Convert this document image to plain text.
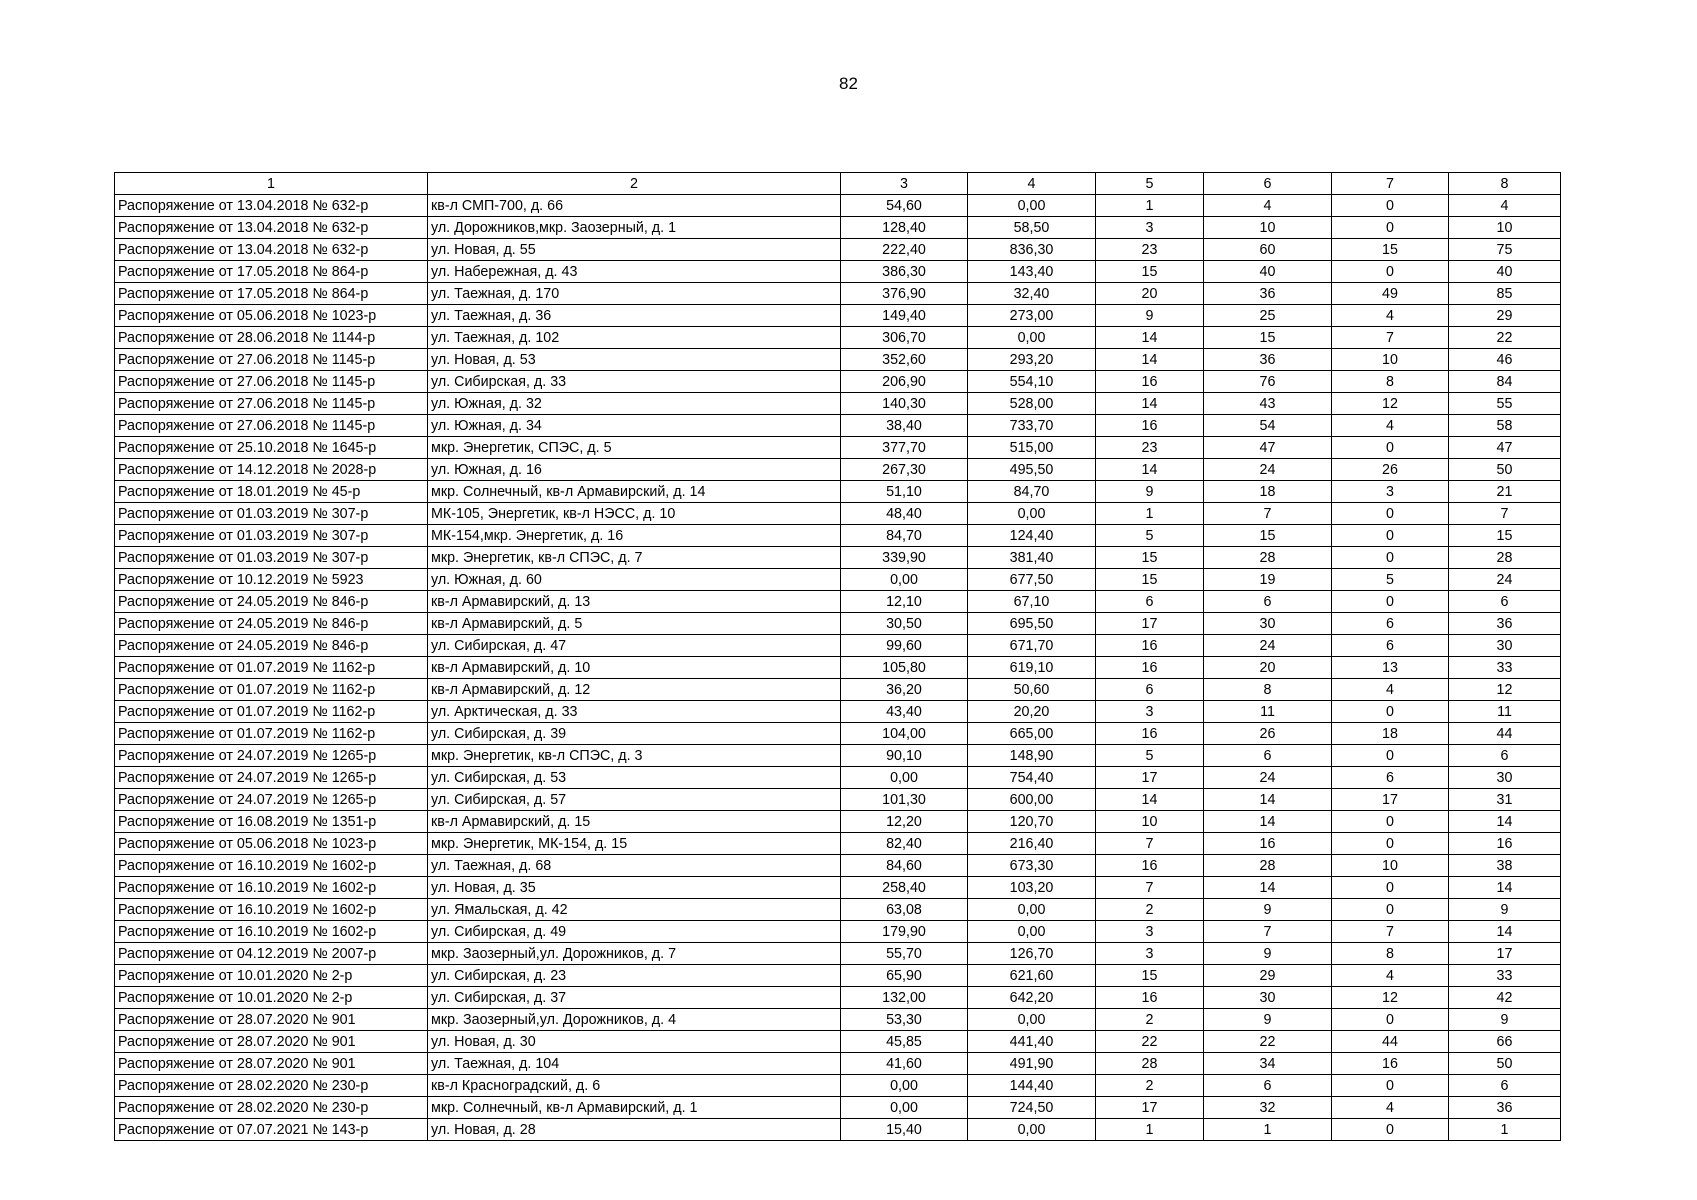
82
1	2	3	4	5	6	7	8
Распоряжение от 13.04.2018 № 632-р	кв-л СМП-700, д. 66	54,60	0,00	1	4	0	4
Распоряжение от 13.04.2018 № 632-р	ул. Дорожников,мкр. Заозерный, д. 1	128,40	58,50	3	10	0	10
Распоряжение от 13.04.2018 № 632-р	ул. Новая, д. 55	222,40	836,30	23	60	15	75
Распоряжение от 17.05.2018 № 864-р	ул. Набережная, д. 43	386,30	143,40	15	40	0	40
Распоряжение от 17.05.2018 № 864-р	ул. Таежная, д. 170	376,90	32,40	20	36	49	85
Распоряжение от 05.06.2018 № 1023-р	ул. Таежная, д. 36	149,40	273,00	9	25	4	29
Распоряжение от 28.06.2018 № 1144-р	ул. Таежная, д. 102	306,70	0,00	14	15	7	22
Распоряжение от 27.06.2018 № 1145-р	ул. Новая, д. 53	352,60	293,20	14	36	10	46
Распоряжение от 27.06.2018 № 1145-р	ул. Сибирская, д. 33	206,90	554,10	16	76	8	84
Распоряжение от 27.06.2018 № 1145-р	ул. Южная, д. 32	140,30	528,00	14	43	12	55
Распоряжение от 27.06.2018 № 1145-р	ул. Южная, д. 34	38,40	733,70	16	54	4	58
Распоряжение от 25.10.2018 № 1645-р	мкр. Энергетик, СПЭС, д. 5	377,70	515,00	23	47	0	47
Распоряжение от 14.12.2018 № 2028-р	ул. Южная, д. 16	267,30	495,50	14	24	26	50
Распоряжение от 18.01.2019 № 45-р	мкр. Солнечный, кв-л Армавирский, д. 14	51,10	84,70	9	18	3	21
Распоряжение от 01.03.2019 № 307-р	МК-105, Энергетик, кв-л НЭСС, д. 10	48,40	0,00	1	7	0	7
Распоряжение от 01.03.2019 № 307-р	МК-154,мкр. Энергетик, д. 16	84,70	124,40	5	15	0	15
Распоряжение от 01.03.2019 № 307-р	мкр. Энергетик, кв-л СПЭС, д. 7	339,90	381,40	15	28	0	28
Распоряжение от 10.12.2019 № 5923	ул. Южная, д. 60	0,00	677,50	15	19	5	24
Распоряжение от 24.05.2019 № 846-р	кв-л Армавирский, д. 13	12,10	67,10	6	6	0	6
Распоряжение от 24.05.2019 № 846-р	кв-л Армавирский, д. 5	30,50	695,50	17	30	6	36
Распоряжение от 24.05.2019 № 846-р	ул. Сибирская, д. 47	99,60	671,70	16	24	6	30
Распоряжение от 01.07.2019 № 1162-р	кв-л Армавирский, д. 10	105,80	619,10	16	20	13	33
Распоряжение от 01.07.2019 № 1162-р	кв-л Армавирский, д. 12	36,20	50,60	6	8	4	12
Распоряжение от 01.07.2019 № 1162-р	ул. Арктическая, д. 33	43,40	20,20	3	11	0	11
Распоряжение от 01.07.2019 № 1162-р	ул. Сибирская, д. 39	104,00	665,00	16	26	18	44
Распоряжение от 24.07.2019 № 1265-р	мкр. Энергетик, кв-л СПЭС, д. 3	90,10	148,90	5	6	0	6
Распоряжение от 24.07.2019 № 1265-р	ул. Сибирская, д. 53	0,00	754,40	17	24	6	30
Распоряжение от 24.07.2019 № 1265-р	ул. Сибирская, д. 57	101,30	600,00	14	14	17	31
Распоряжение от 16.08.2019 № 1351-р	кв-л Армавирский, д. 15	12,20	120,70	10	14	0	14
Распоряжение от 05.06.2018 № 1023-р	мкр. Энергетик, МК-154, д. 15	82,40	216,40	7	16	0	16
Распоряжение от 16.10.2019 № 1602-р	ул. Таежная, д. 68	84,60	673,30	16	28	10	38
Распоряжение от 16.10.2019 № 1602-р	ул. Новая, д. 35	258,40	103,20	7	14	0	14
Распоряжение от 16.10.2019 № 1602-р	ул. Ямальская, д. 42	63,08	0,00	2	9	0	9
Распоряжение от 16.10.2019 № 1602-р	ул. Сибирская, д. 49	179,90	0,00	3	7	7	14
Распоряжение от 04.12.2019 № 2007-р	мкр. Заозерный,ул. Дорожников, д. 7	55,70	126,70	3	9	8	17
Распоряжение от 10.01.2020 № 2-р	ул. Сибирская, д. 23	65,90	621,60	15	29	4	33
Распоряжение от 10.01.2020 № 2-р	ул. Сибирская, д. 37	132,00	642,20	16	30	12	42
Распоряжение от 28.07.2020 № 901	мкр. Заозерный,ул. Дорожников, д. 4	53,30	0,00	2	9	0	9
Распоряжение от 28.07.2020 № 901	ул. Новая, д. 30	45,85	441,40	22	22	44	66
Распоряжение от 28.07.2020 № 901	ул. Таежная, д. 104	41,60	491,90	28	34	16	50
Распоряжение от 28.02.2020 № 230-р	кв-л Красноградский, д. 6	0,00	144,40	2	6	0	6
Распоряжение от 28.02.2020 № 230-р	мкр. Солнечный, кв-л Армавирский, д. 1	0,00	724,50	17	32	4	36
Распоряжение от 07.07.2021 № 143-р	ул. Новая, д. 28	15,40	0,00	1	1	0	1
